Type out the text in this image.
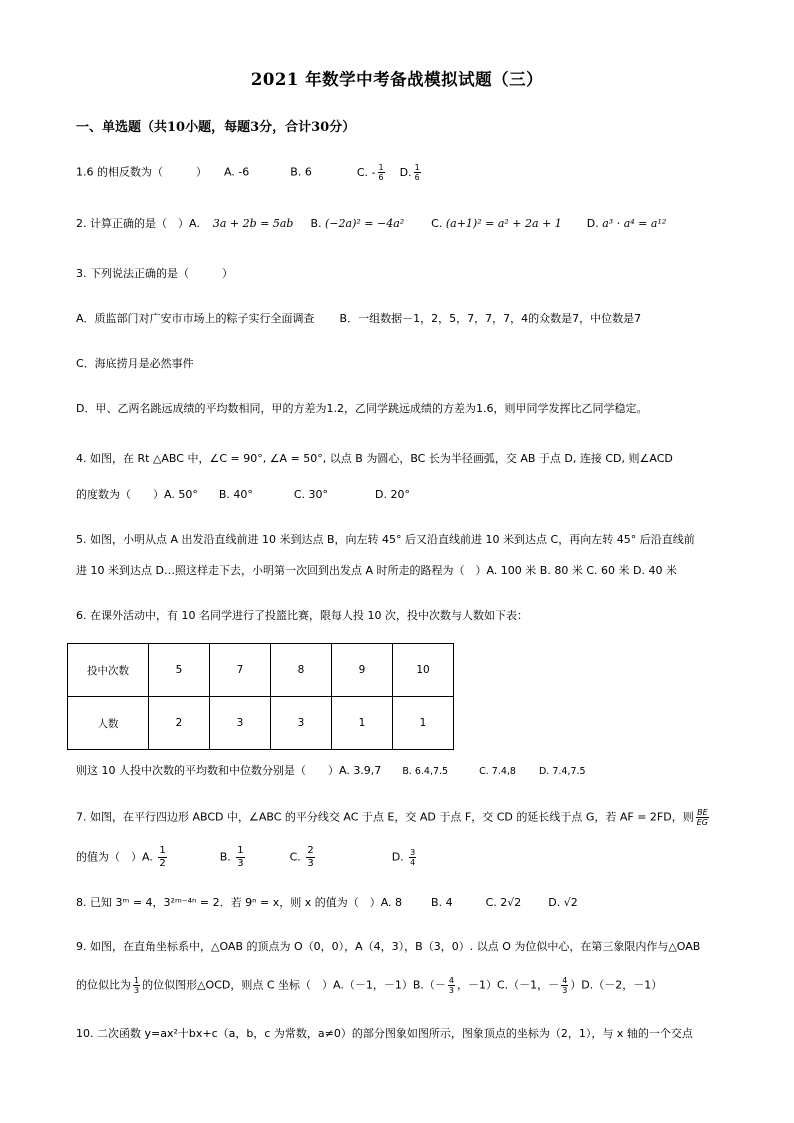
2021 年数学中考备战模拟试题（三）
一、单选题（共10小题，每题3分，合计30分）
1.6 的相反数为（　　　） A. -6	B. 6	C. - $\frac{1}{6} D$. $\frac{1}{6}$
2. 计算正确的是（　）A. 3a + 2b = 5ab B. (−2a)² = −4a² C. (a+1)² = a² + 2a + 1 D. a³ · a⁴ = a¹²
3. 下列说法正确的是（　　　）
A．质监部门对广安市市场上的粽子实行全面调查 B．一组数据－1，2，5，7，7，7，4的众数是7，中位数是7
C．海底捞月是必然事件
D．甲、乙两名跳远成绩的平均数相同，甲的方差为1.2，乙同学跳远成绩的方差为1.6，则甲同学发挥比乙同学稳定。
4. 如图，在 Rt △ABC 中，∠C = 90°, ∠A = 50°, 以点 B 为圆心，BC 长为半径画弧，交 AB 于点 D, 连接 CD, 则∠ACD
的度数为（　　）A. 50° B. 40°	C. 30°	D. 20°
5. 如图，小明从点 A 出发沿直线前进 10 米到达点 B，向左转 45° 后又沿直线前进 10 米到达点 C，再向左转 45° 后沿直线前
进 10 米到达点 D…照这样走下去，小明第一次回到出发点 A 时所走的路程为（　）A. 100 米 B. 80 米 C. 60 米 D. 40 米
6. 在课外活动中，有 10 名同学进行了投篮比赛，限每人投 10 次，投中次数与人数如下表：
投中次数	5	7	8	9	10
人数	2	3	3	1	1
则这 10 人投中次数的平均数和中位数分别是（　　）A. 3.9,7 B. 6.4,7.5	C. 7.4,8 D. 7.4,7.5
7. 如图，在平行四边形 ABCD 中，∠ABC 的平分线交 AC 于点 E，交 AD 于点 F，交 CD 的延长线于点 G，若 AF = 2FD，则 $\frac{BE}{EG}$
的值为（　）A. $\frac{1}{2}$	B. $\frac{1}{3}$	C. $\frac{2}{3}$	D. $\frac{3}{4}$
8. 已知 3ᵐ = 4，3²ᵐ⁻⁴ⁿ = 2．若 9ⁿ = x，则 x 的值为（　）A. 8	B. 4	C. 2√2 D. √2
9. 如图，在直角坐标系中，△OAB 的顶点为 O（0，0），A（4，3），B（3，0）. 以点 O 为位似中心，在第三象限内作与△OAB
的位似比为 $\frac{1}{3}$ 的位似图形△OCD，则点 C 坐标（　）A.（－1，$-1)B.(- \frac{4}{3}$ ，－1）C.（－1，－ $\frac{4}{3} )D.(-2$，－1）
10. 二次函数 y=ax²十bx+c（a，b，c 为常数，a≠0）的部分图象如图所示，图象顶点的坐标为（2，1），与 x 轴的一个交点
